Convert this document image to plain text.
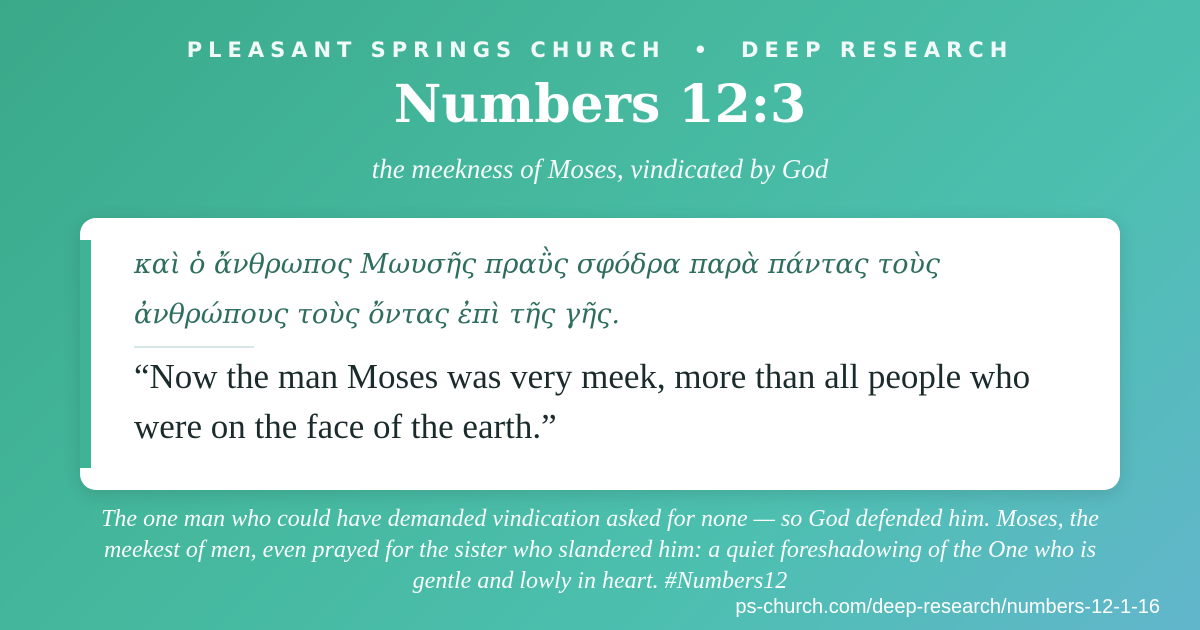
PLEASANT SPRINGS CHURCH • DEEP RESEARCH
Numbers 12:3
the meekness of Moses, vindicated by God
καὶ ὁ ἄνθρωπος Μωυσῆς πραῢς σφόδρα παρὰ πάντας τοὺς ἀνθρώπους τοὺς ὄντας ἐπὶ τῆς γῆς.
“Now the man Moses was very meek, more than all people who were on the face of the earth.”
The one man who could have demanded vindication asked for none — so God defended him. Moses, the meekest of men, even prayed for the sister who slandered him: a quiet foreshadowing of the One who is gentle and lowly in heart. #Numbers12
ps-church.com/deep-research/numbers-12-1-16
